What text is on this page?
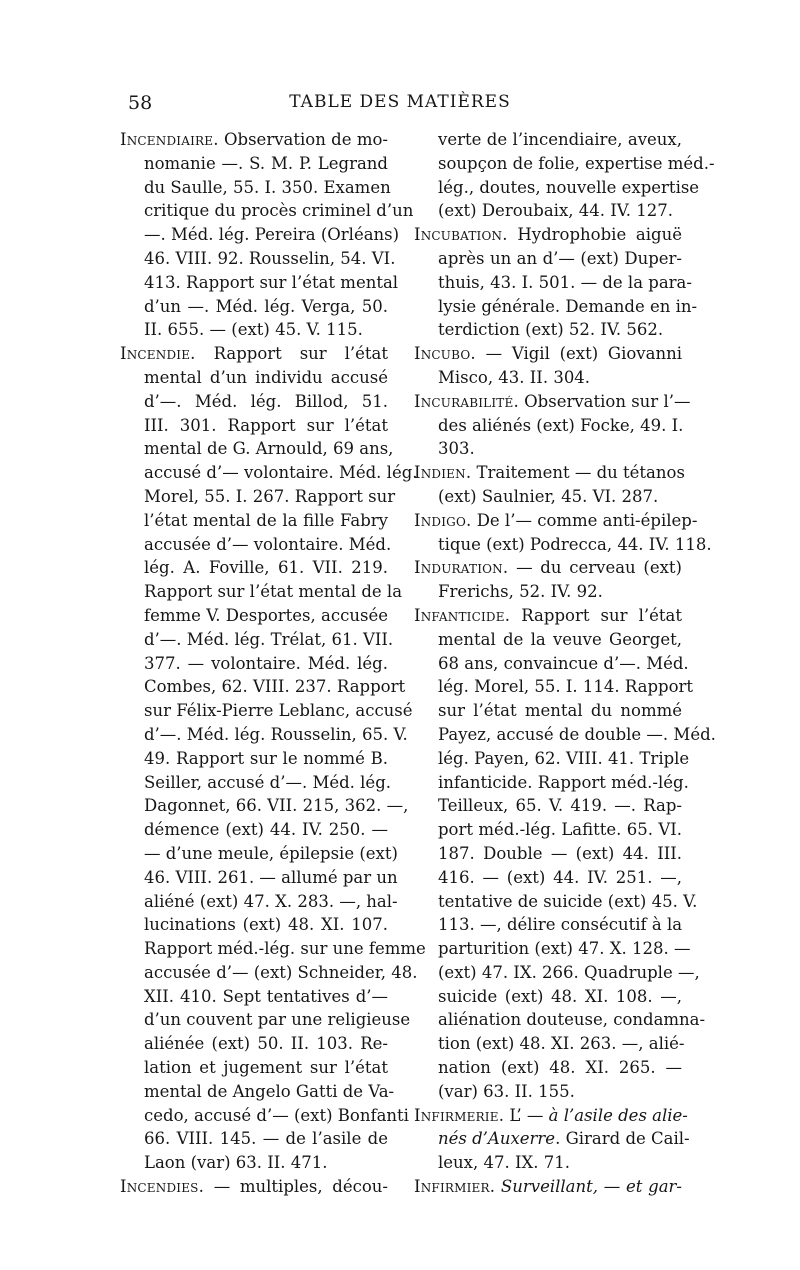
58	TABLE DES MATIÈRES
Incendiaire. Observation de mo-
nomanie —. S. M. P. Legrand
du Saulle, 55. I. 350. Examen
critique du procès criminel d’un
—. Méd. lég. Pereira (Orléans)
46. VIII. 92. Rousselin, 54. VI.
413. Rapport sur l’état mental
d’un —. Méd. lég. Verga, 50.
II. 655. — (ext) 45. V. 115.
Incendie. Rapport sur l’état
mental d’un individu accusé
d’—. Méd. lég. Billod, 51.
III. 301. Rapport sur l’état
mental de G. Arnould, 69 ans,
accusé d’— volontaire. Méd. lég.
Morel, 55. I. 267. Rapport sur
l’état mental de la fille Fabry
accusée d’— volontaire. Méd.
lég. A. Foville, 61. VII. 219.
Rapport sur l’état mental de la
femme V. Desportes, accusée
d’—. Méd. lég. Trélat, 61. VII.
377. — volontaire. Méd. lég.
Combes, 62. VIII. 237. Rapport
sur Félix-Pierre Leblanc, accusé
d’—. Méd. lég. Rousselin, 65. V.
49. Rapport sur le nommé B.
Seiller, accusé d’—. Méd. lég.
Dagonnet, 66. VII. 215, 362. —,
démence (ext) 44. IV. 250. —
— d’une meule, épilepsie (ext)
46. VIII. 261. — allumé par un
aliéné (ext) 47. X. 283. —, hal-
lucinations (ext) 48. XI. 107.
Rapport méd.-lég. sur une femme
accusée d’— (ext) Schneider, 48.
XII. 410. Sept tentatives d’—
d’un couvent par une religieuse
aliénée (ext) 50. II. 103. Re-
lation et jugement sur l’état
mental de Angelo Gatti de Va-
cedo, accusé d’— (ext) Bonfanti
66. VIII. 145. — de l’asile de
Laon (var) 63. II. 471.
Incendies. — multiples, décou-
verte de l’incendiaire, aveux,
soupçon de folie, expertise méd.-
lég., doutes, nouvelle expertise
(ext) Deroubaix, 44. IV. 127.
Incubation. Hydrophobie aiguë
après un an d’— (ext) Duper-
thuis, 43. I. 501. — de la para-
lysie générale. Demande en in-
terdiction (ext) 52. IV. 562.
Incubo. — Vigil (ext) Giovanni
Misco, 43. II. 304.
Incurabilité. Observation sur l’—
des aliénés (ext) Focke, 49. I.
303.
Indien. Traitement — du tétanos
(ext) Saulnier, 45. VI. 287.
Indigo. De l’— comme anti-épilep-
tique (ext) Podrecca, 44. IV. 118.
Induration. — du cerveau (ext)
Frerichs, 52. IV. 92.
Infanticide. Rapport sur l’état
mental de la veuve Georget,
68 ans, convaincue d’—. Méd.
lég. Morel, 55. I. 114. Rapport
sur l’état mental du nommé
Payez, accusé de double —. Méd.
lég. Payen, 62. VIII. 41. Triple
infanticide. Rapport méd.-lég.
Teilleux, 65. V. 419. —. Rap-
port méd.-lég. Lafitte. 65. VI.
187. Double — (ext) 44. III.
416. — (ext) 44. IV. 251. —,
tentative de suicide (ext) 45. V.
113. —, délire consécutif à la
parturition (ext) 47. X. 128. —
(ext) 47. IX. 266. Quadruple —,
suicide (ext) 48. XI. 108. —,
aliénation douteuse, condamna-
tion (ext) 48. XI. 263. —, alié-
nation (ext) 48. XI. 265. —
(var) 63. II. 155.
Infirmerie. L’ — à l’asile des alie-
nés d’Auxerre. Girard de Cail-
leux, 47. IX. 71.
Infirmier. Surveillant, — et gar-
